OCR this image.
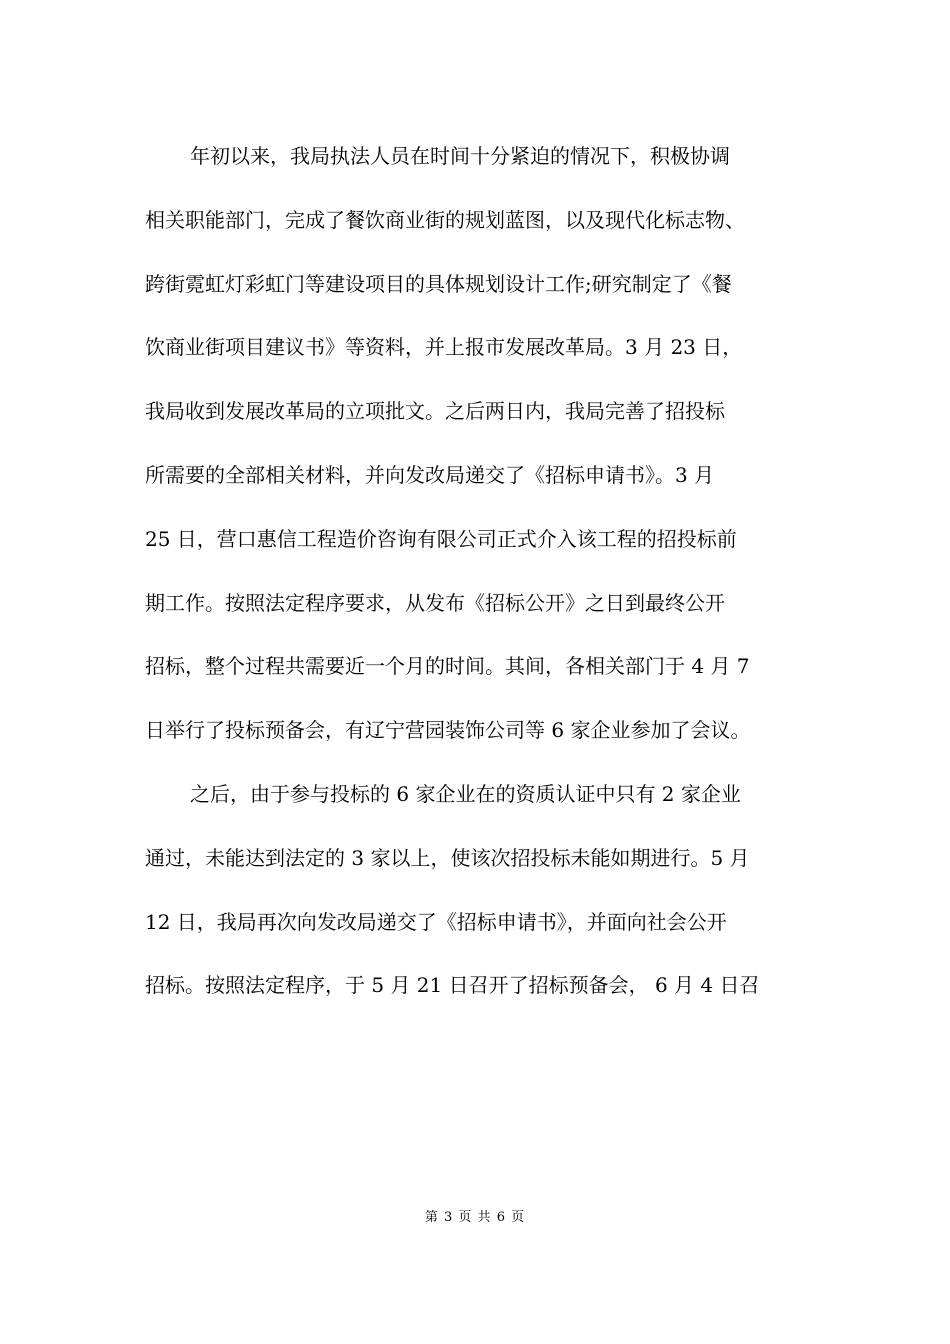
年初以来，我局执法人员在时间十分紧迫的情况下，积极协调
相关职能部门，完成了餐饮商业街的规划蓝图，以及现代化标志物、
跨街霓虹灯彩虹门等建设项目的具体规划设计工作;研究制定了《餐
饮商业街项目建议书》等资料，并上报市发展改革局。3 月 23 日，
我局收到发展改革局的立项批文。之后两日内，我局完善了招投标
所需要的全部相关材料，并向发改局递交了《招标申请书》。3 月
25 日，营口惠信工程造价咨询有限公司正式介入该工程的招投标前
期工作。按照法定程序要求，从发布《招标公开》之日到最终公开
招标，整个过程共需要近一个月的时间。其间，各相关部门于 4 月 7
日举行了投标预备会，有辽宁营园装饰公司等 6 家企业参加了会议。
之后，由于参与投标的 6 家企业在的资质认证中只有 2 家企业
通过，未能达到法定的 3 家以上，使该次招投标未能如期进行。5 月
12 日，我局再次向发改局递交了《招标申请书》，并面向社会公开
招标。按照法定程序，于 5 月 21 日召开了招标预备会， 6 月 4 日召
第 3 页 共 6 页
